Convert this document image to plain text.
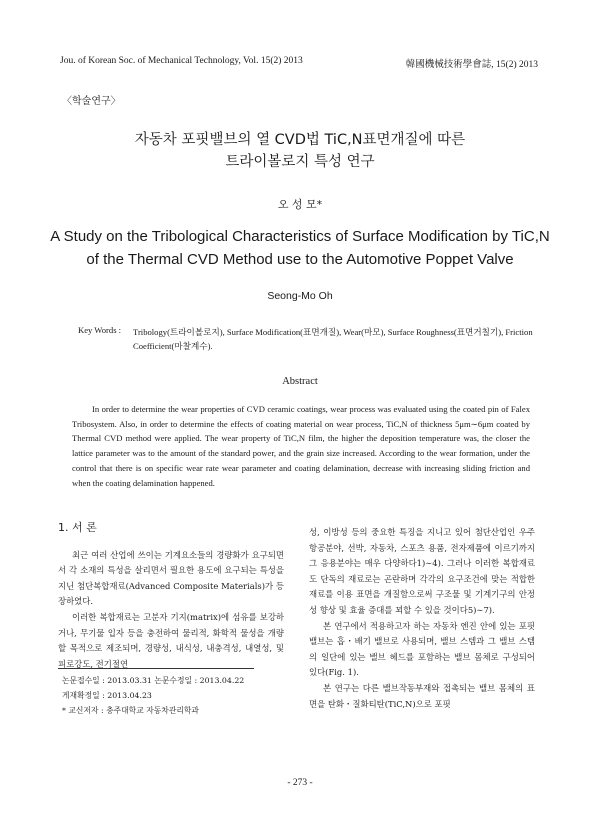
Jou. of Korean Soc. of Mechanical Technology, Vol. 15(2) 2013	韓國機械技術學會誌, 15(2) 2013
〈학술연구〉
자동차 포핏밸브의 열 CVD법 TiC,N표면개질에 따른
트라이볼로지 특성 연구
오 성 모*
A Study on the Tribological Characteristics of Surface Modification by TiC,N
of the Thermal CVD Method use to the Automotive Poppet Valve
Seong-Mo Oh
Key Words : Tribology(트라이볼로지), Surface Modification(표면개질), Wear(마모), Surface Roughness(표면거칠기), Friction Coefficient(마찰계수).
Abstract
In order to determine the wear properties of CVD ceramic coatings, wear process was evaluated using the coated pin of Falex Tribosystem. Also, in order to determine the effects of coating material on wear process, TiC,N of thickness 5μm∼6μm coated by Thermal CVD method were applied. The wear property of TiC,N film, the higher the deposition temperature was, the closer the lattice parameter was to the amount of the standard power, and the grain size increased. According to the wear formation, under the control that there is on specific wear rate wear parameter and coating delamination, decrease with increasing sliding friction and when the coating delamination happened.

1. 서 론

최근 여러 산업에 쓰이는 기계요소들의 경량화가 요구되면서 각 소재의 특성을 살리면서 필요한 용도에 요구되는 특성을 지닌 첨단복합재료(Advanced Composite Materials)가 등장하였다.

이러한 복합재료는 고분자 기지(matrix)에 섬유를 보강하거나, 무기물 입자 등을 충전하여 물리적, 화학적 물성을 개량할 목적으로 제조되며, 경량성, 내식성, 내충격성, 내열성, 및 피로강도, 전기절연

성, 이방성 등의 중요한 특징을 지니고 있어 첨단산업인 우주항공분야, 선박, 자동차, 스포츠 용품, 전자제품에 이르기까지 그 응용분야는 매우 다양하다1)∼4). 그러나 이러한 복합재료도 단독의 재료로는 곤란하며 각각의 요구조건에 맞는 적합한 재료를 이용 표면을 개질함으로써 구조물 및 기계기구의 안정성 향상 및 효율 증대를 꾀할 수 있을 것이다5)∼7).

본 연구에서 적용하고자 하는 자동차 엔진 안에 있는 포핏밸브는 흡・배기 밸브로 사용되며, 밸브 스템과 그 밸브 스템의 일단에 있는 밸브 헤드를 포함하는 밸브 몸체로 구성되어 있다(Fig. 1).

본 연구는 다른 밸브작동부재와 접촉되는 밸브 몸체의 표면을 탄화・질화티탄(TiC,N)으로 포핏

논문접수일 : 2013.03.31 논문수정일 : 2013.04.22
게재확정일 : 2013.04.23
* 교신저자 : 충주대학교 자동차관리학과
- 273 -
